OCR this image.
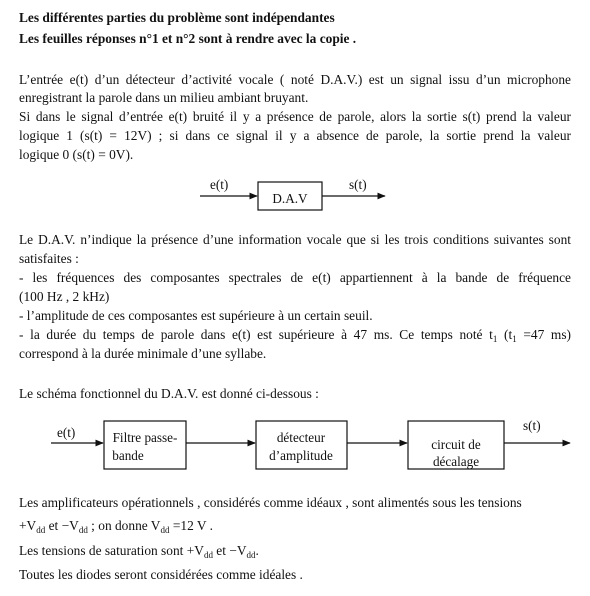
Les différentes parties du problème sont indépendantes
Les feuilles réponses n°1 et n°2 sont à rendre avec la copie .
L’entrée e(t) d’un détecteur d’activité vocale ( noté D.A.V.) est un signal issu d’un microphone
enregistrant la parole dans un milieu ambiant bruyant.
Si dans le signal d’entrée e(t) bruité il y a présence de parole, alors la sortie s(t) prend la valeur
logique 1 (s(t) = 12V) ; si dans ce signal il y a absence de parole, la sortie prend la valeur
logique 0 (s(t) = 0V).
e(t)
D.A.V
s(t)
e(t)	s(t)
Filtre passe-
bande
détecteur
d’amplitude
circuit de
décalage
Le D.A.V. n’indique la présence d’une information vocale que si les trois conditions suivantes sont
satisfaites :
- les fréquences des composantes spectrales de e(t) appartiennent à la bande de fréquence
(100 Hz , 2 kHz)
- l’amplitude de ces composantes est supérieure à un certain seuil.
- la durée du temps de parole dans e(t) est supérieure à 47 ms. Ce temps noté $t_1$ ($t_1 =47$ ms)
correspond à la durée minimale d’une syllabe.
Le schéma fonctionnel du D.A.V. est donné ci-dessous :
Les amplificateurs opérationnels , considérés comme idéaux , sont alimentés sous les tensions
$+V_{dd}$ et $-V_{dd}$ ; on donne $V_{dd} =12$ V .
Les tensions de saturation sont $+V_{dd}$ et $-V_{dd}$.
Toutes les diodes seront considérées comme idéales .
